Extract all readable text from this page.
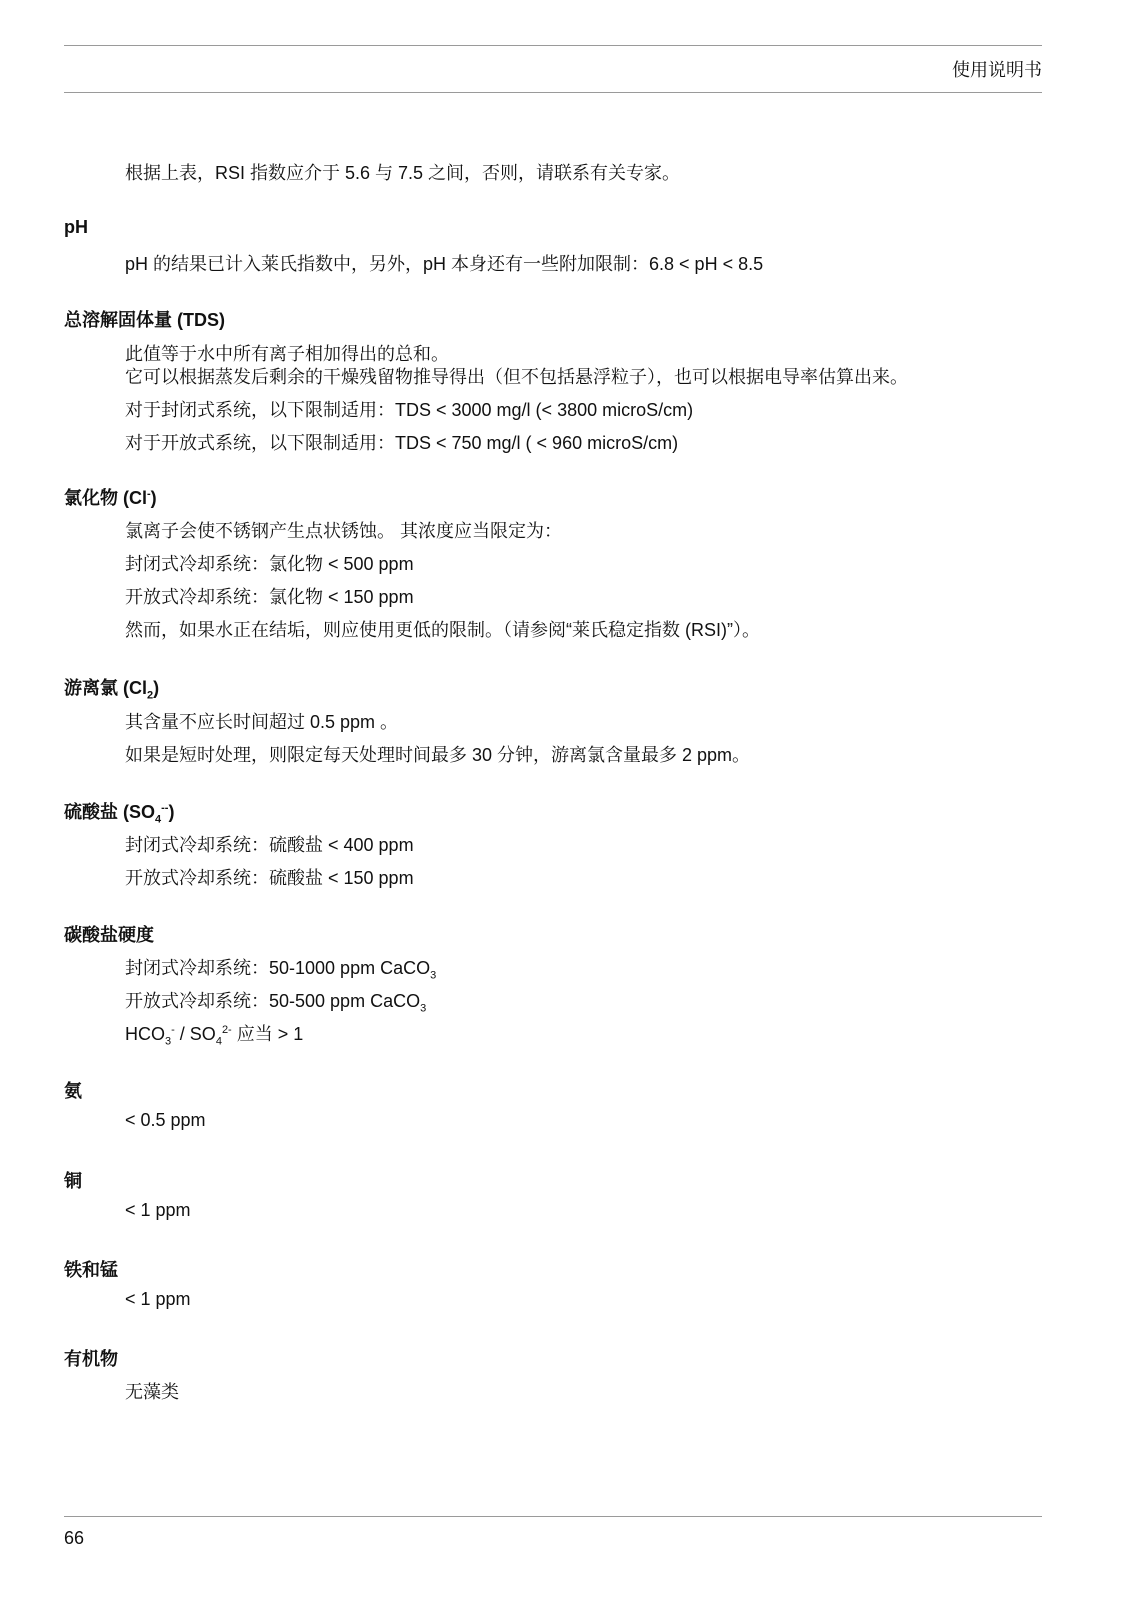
使用说明书
根据上表，RSI 指数应介于 5.6 与 7.5 之间，否则，请联系有关专家。
pH
pH 的结果已计入莱氏指数中，另外，pH 本身还有一些附加限制：6.8 < pH < 8.5
总溶解固体量 (TDS)
此值等于水中所有离子相加得出的总和。
它可以根据蒸发后剩余的干燥残留物推导得出（但不包括悬浮粒子），也可以根据电导率估算出来。
对于封闭式系统，以下限制适用：TDS < 3000 mg/l (< 3800 microS/cm)
对于开放式系统，以下限制适用：TDS < 750 mg/l ( < 960 microS/cm)
氯化物 (Cl-)
氯离子会使不锈钢产生点状锈蚀。 其浓度应当限定为：
封闭式冷却系统：氯化物 < 500 ppm
开放式冷却系统：氯化物 < 150 ppm
然而，如果水正在结垢，则应使用更低的限制。（请参阅“莱氏稳定指数 (RSI)”）。
游离氯 $(Cl_2)$
其含量不应长时间超过 0.5 ppm 。
如果是短时处理，则限定每天处理时间最多 30 分钟，游离氯含量最多 2 ppm。
硫酸盐 $(SO_4^{--})$
封闭式冷却系统：硫酸盐 < 400 ppm
开放式冷却系统：硫酸盐 < 150 ppm
碳酸盐硬度
封闭式冷却系统：50-1000 ppm CaCO$_3$
开放式冷却系统：50-500 ppm CaCO$_3$
$HCO_3^- / SO_4^{2-}$ 应当 > 1
氨
< 0.5 ppm
铜
< 1 ppm
铁和锰
< 1 ppm
有机物
无藻类
66
